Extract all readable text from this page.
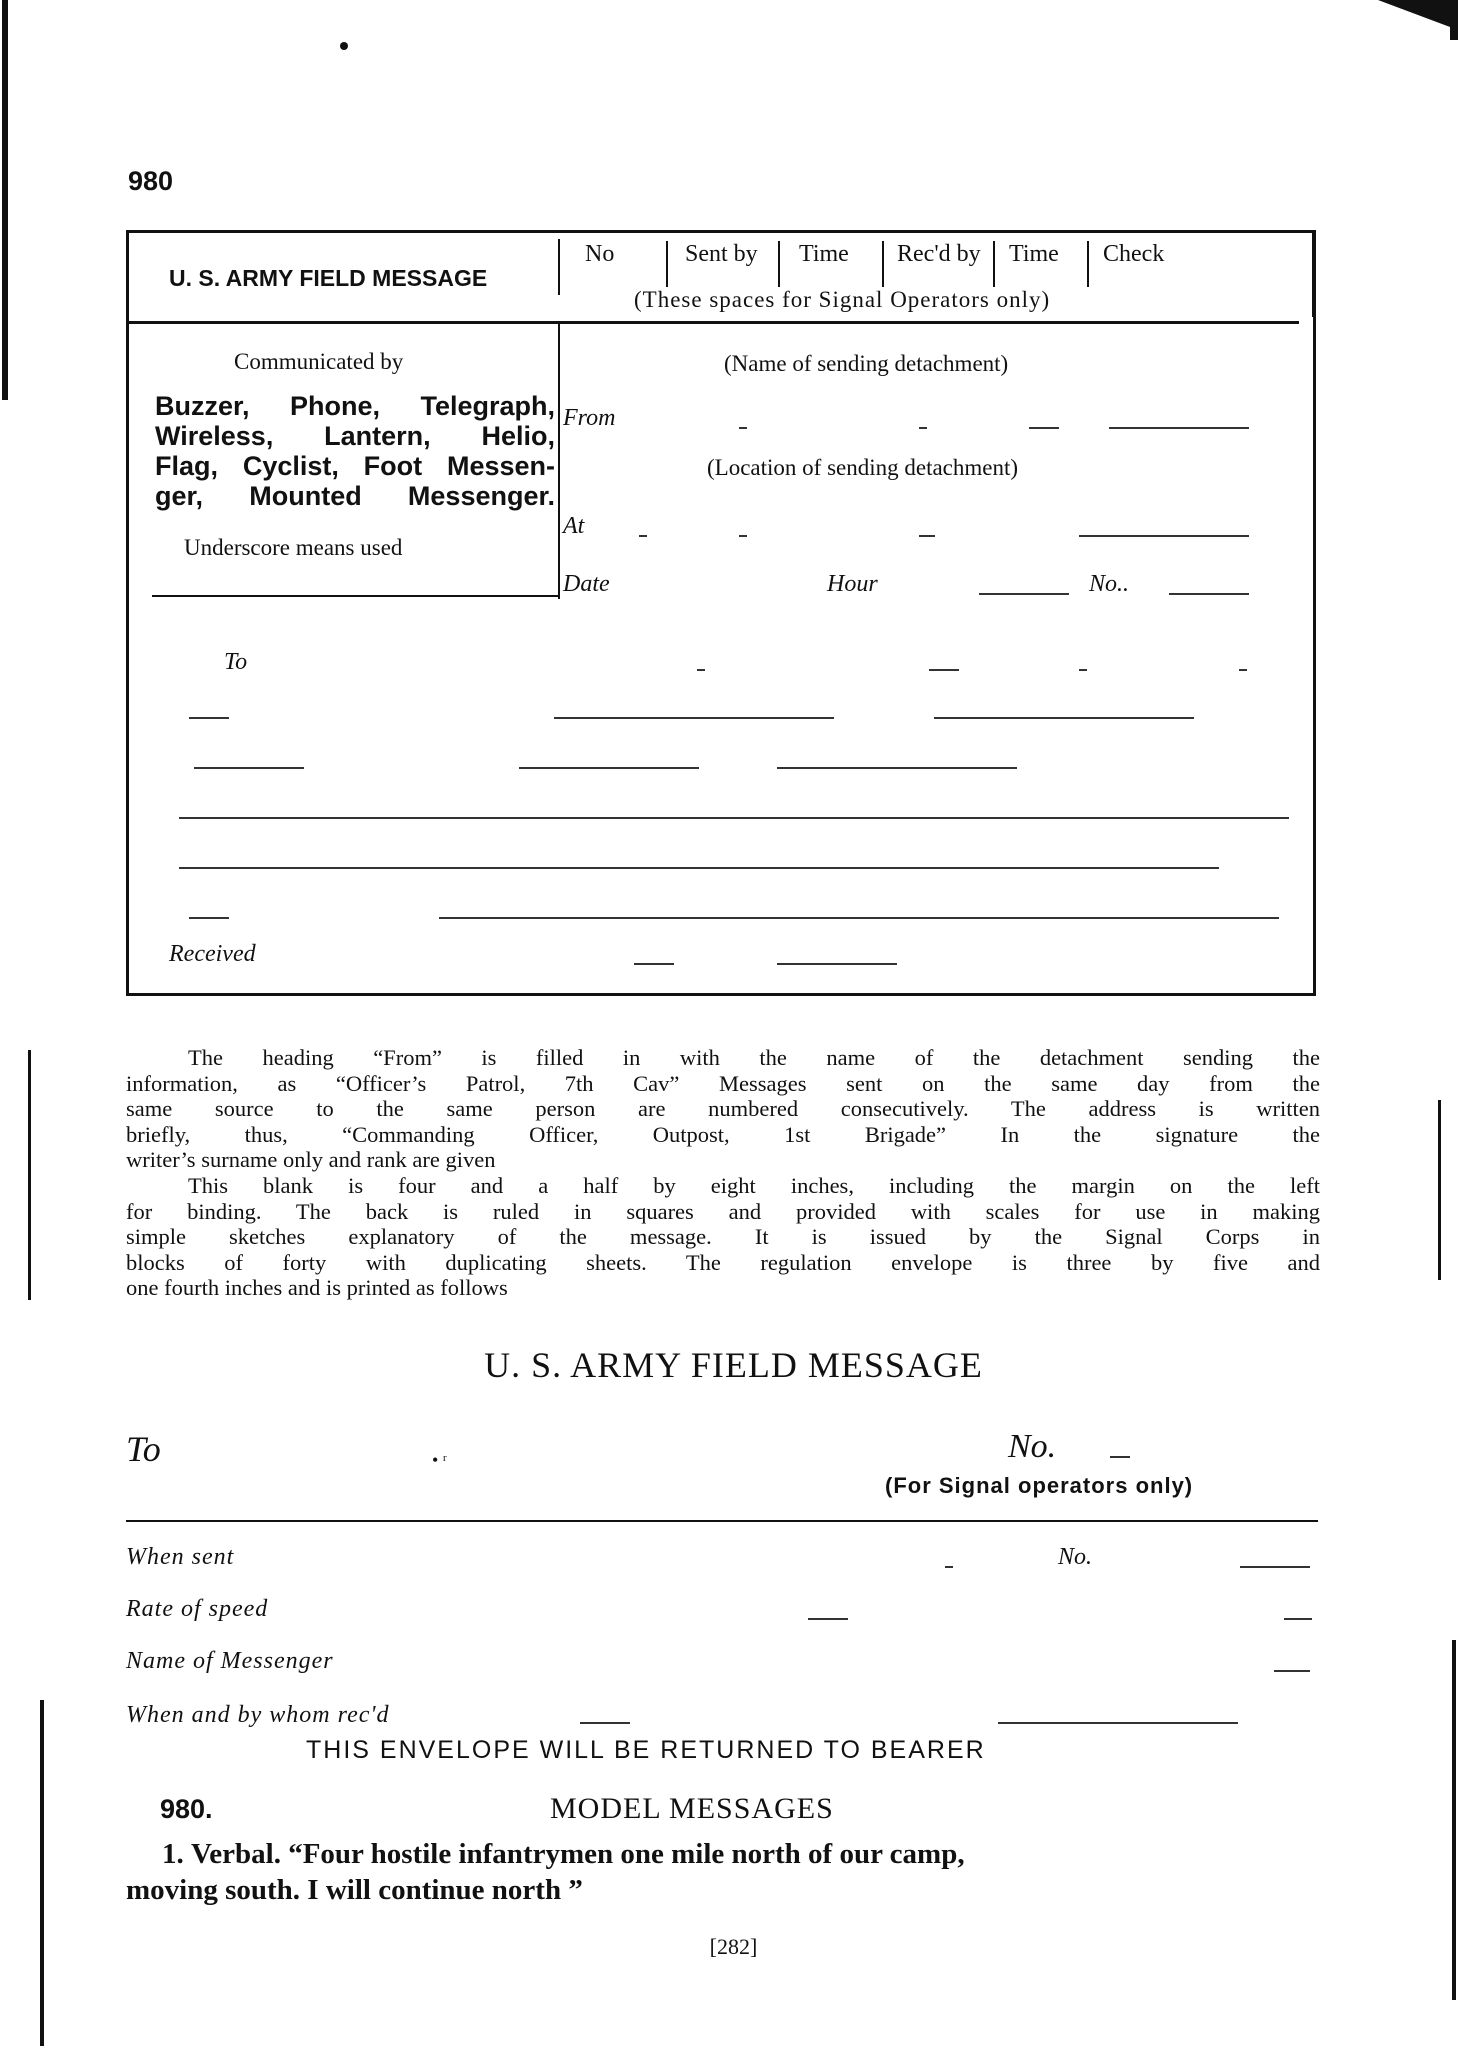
980
U. S. ARMY FIELD MESSAGE
No	Sent by Time Rec'd by Time Check
(These spaces for Signal Operators only)
Communicated by
Buzzer, Phone, Telegraph,
Wireless, Lantern, Helio,
Flag, Cyclist, Foot Messen-
ger, Mounted Messenger.
Underscore means used
(Name of sending detachment)
From
(Location of sending detachment)
At
Date	Hour	No..
To
Received
The heading “From” is filled in with the name of the detachment sending the
information, as “Officer’s Patrol, 7th Cav” Messages sent on the same day from the
same source to the same person are numbered consecutively. The address is written
briefly, thus, “Commanding Officer, Outpost, 1st Brigade” In the signature the
writer’s surname only and rank are given
This blank is four and a half by eight inches, including the margin on the left
for binding. The back is ruled in squares and provided with scales for use in making
simple sketches explanatory of the message. It is issued by the Signal Corps in
blocks of forty with duplicating sheets. The regulation envelope is three by five and
one fourth inches and is printed as follows
U. S. ARMY FIELD MESSAGE
To	• ʳ	No.
(For Signal operators only)
When sent	No.
Rate of speed
Name of Messenger
When and by whom rec'd
THIS ENVELOPE WILL BE RETURNED TO BEARER
980.	MODEL MESSAGES
1. Verbal. “Four hostile infantrymen one mile north of our camp,
moving south. I will continue north ”
[282]
